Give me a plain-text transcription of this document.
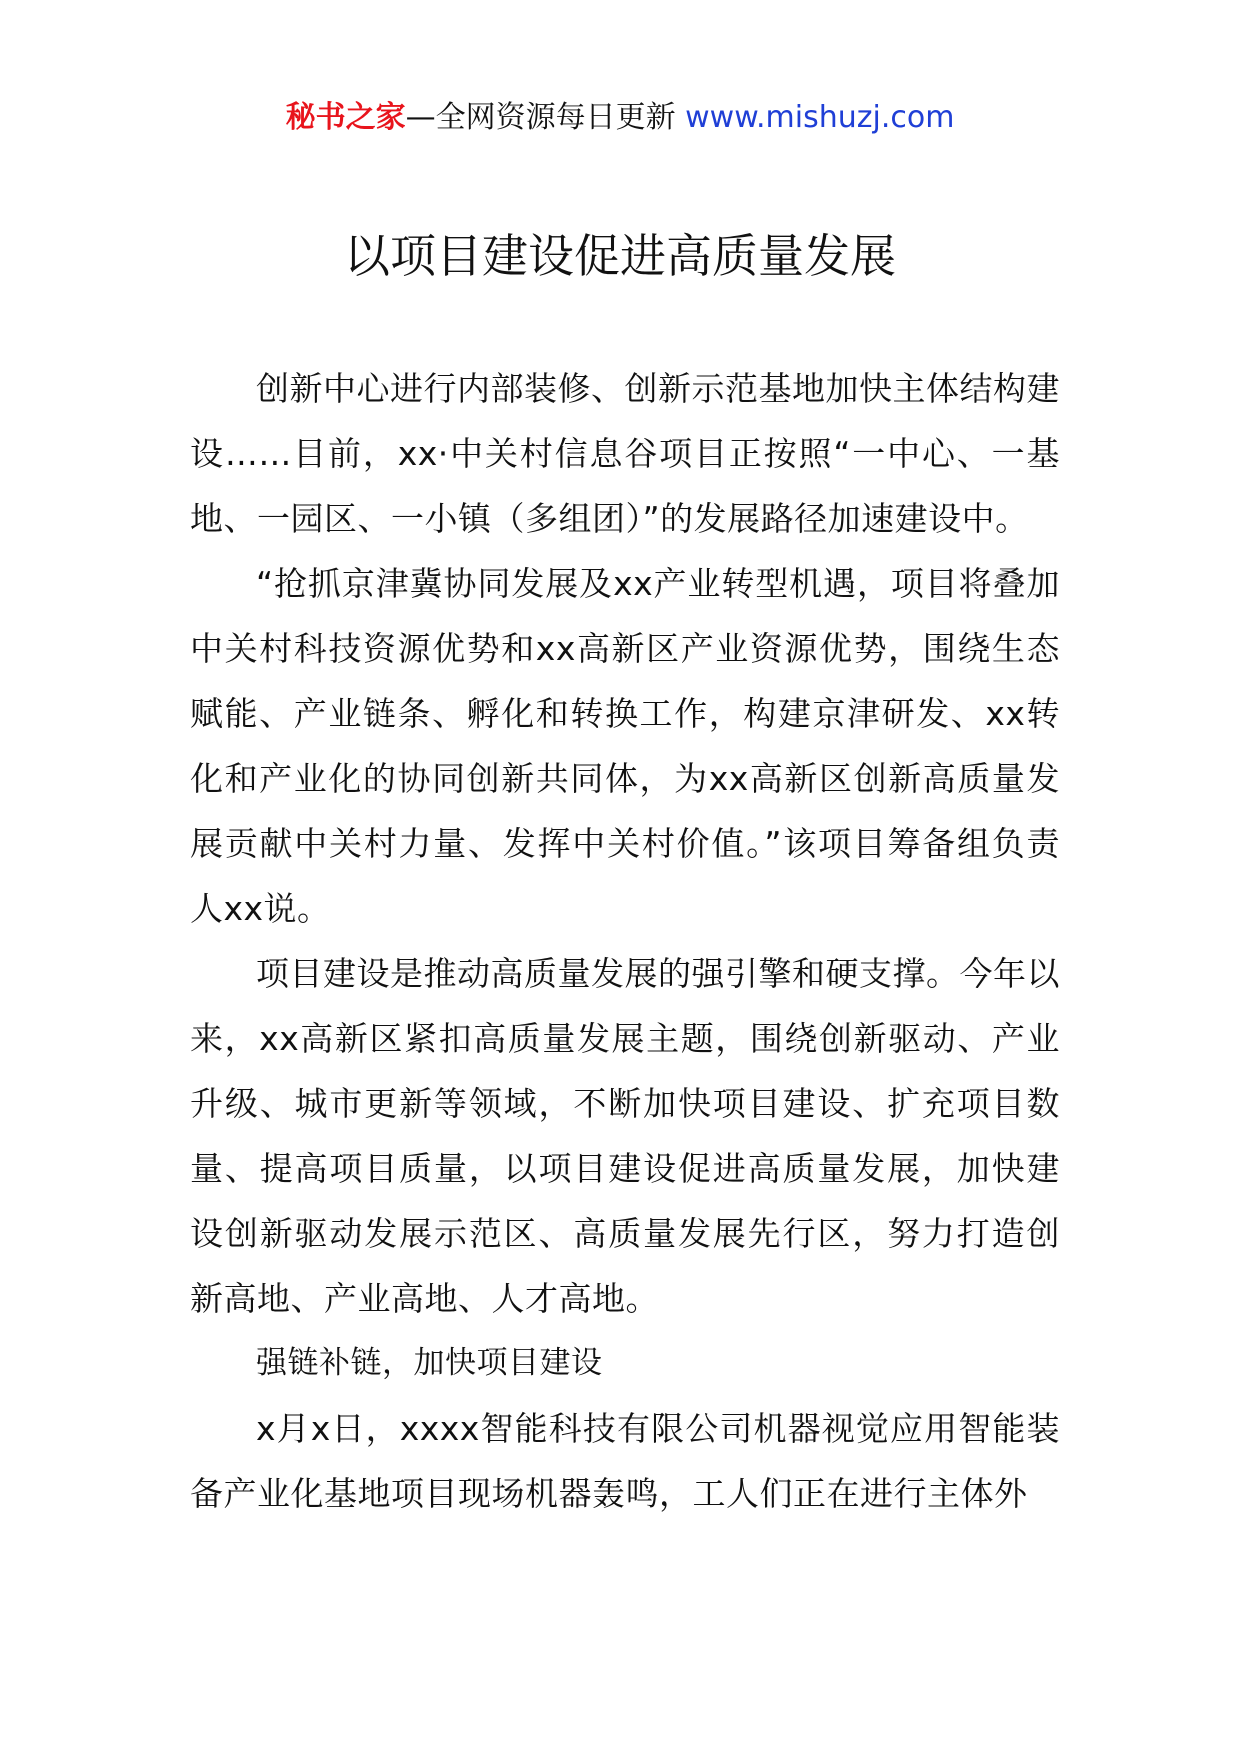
秘书之家—全网资源每日更新 www.mishuzj.com
以项目建设促进高质量发展

创新中心进行内部装修、创新示范基地加快主体结构建设……目前，xx·中关村信息谷项目正按照“一中心、一基地、一园区、一小镇（多组团）”的发展路径加速建设中。

“抢抓京津冀协同发展及xx产业转型机遇，项目将叠加中关村科技资源优势和xx高新区产业资源优势，围绕生态赋能、产业链条、孵化和转换工作，构建京津研发、xx转化和产业化的协同创新共同体，为xx高新区创新高质量发展贡献中关村力量、发挥中关村价值。”该项目筹备组负责人xx说。

项目建设是推动高质量发展的强引擎和硬支撑。今年以来，xx高新区紧扣高质量发展主题，围绕创新驱动、产业升级、城市更新等领域，不断加快项目建设、扩充项目数量、提高项目质量，以项目建设促进高质量发展，加快建设创新驱动发展示范区、高质量发展先行区，努力打造创新高地、产业高地、人才高地。

强链补链，加快项目建设

x月x日，xxxx智能科技有限公司机器视觉应用智能装备产业化基地项目现场机器轰鸣，工人们正在进行主体外
